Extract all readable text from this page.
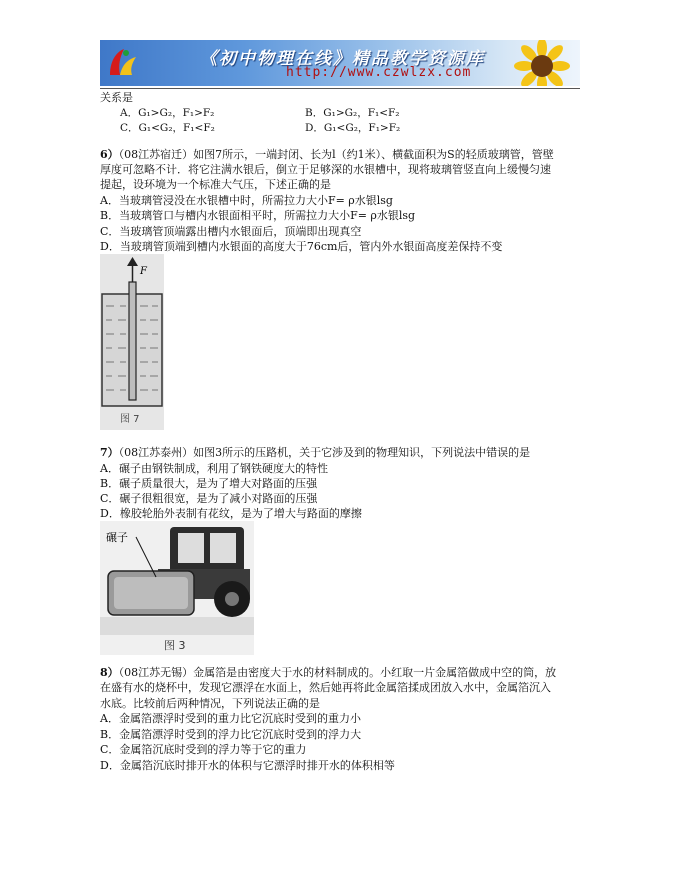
《初中物理在线》精品教学资源库
http://www.czwlzx.com
关系是
A．G₁>G₂，F₁>F₂	B．G₁>G₂，F₁<F₂
C．G₁<G₂，F₁<F₂	D．G₁<G₂，F₁>F₂
6）（08江苏宿迁）如图7所示，一端封闭、长为l（约1米）、横截面积为S的轻质玻璃管，管壁
厚度可忽略不计．将它注满水银后，倒立于足够深的水银槽中，现将玻璃管竖直向上缓慢匀速
提起，设环境为一个标准大气压，下述正确的是
A．当玻璃管浸没在水银槽中时，所需拉力大小F= ρ水银lsg
B．当玻璃管口与槽内水银面相平时，所需拉力大小F= ρ水银lsg
C．当玻璃管顶端露出槽内水银面后，顶端即出现真空
D．当玻璃管顶端到槽内水银面的高度大于76cm后，管内外水银面高度差保持不变
F
图 7
7）（08江苏泰州）如图3所示的压路机，关于它涉及到的物理知识，下列说法中错误的是
A．碾子由钢铁制成，利用了钢铁硬度大的特性
B．碾子质量很大，是为了增大对路面的压强
C．碾子很粗很宽，是为了减小对路面的压强
D．橡胶轮胎外表制有花纹，是为了增大与路面的摩擦
碾子
图 3
8）（08江苏无锡）金属箔是由密度大于水的材料制成的。小红取一片金属箔做成中空的筒，放
在盛有水的烧杯中，发现它漂浮在水面上，然后她再将此金属箔揉成团放入水中，金属箔沉入
水底。比较前后两种情况，下列说法正确的是
A．金属箔漂浮时受到的重力比它沉底时受到的重力小
B．金属箔漂浮时受到的浮力比它沉底时受到的浮力大
C．金属箔沉底时受到的浮力等于它的重力
D．金属箔沉底时排开水的体积与它漂浮时排开水的体积相等
